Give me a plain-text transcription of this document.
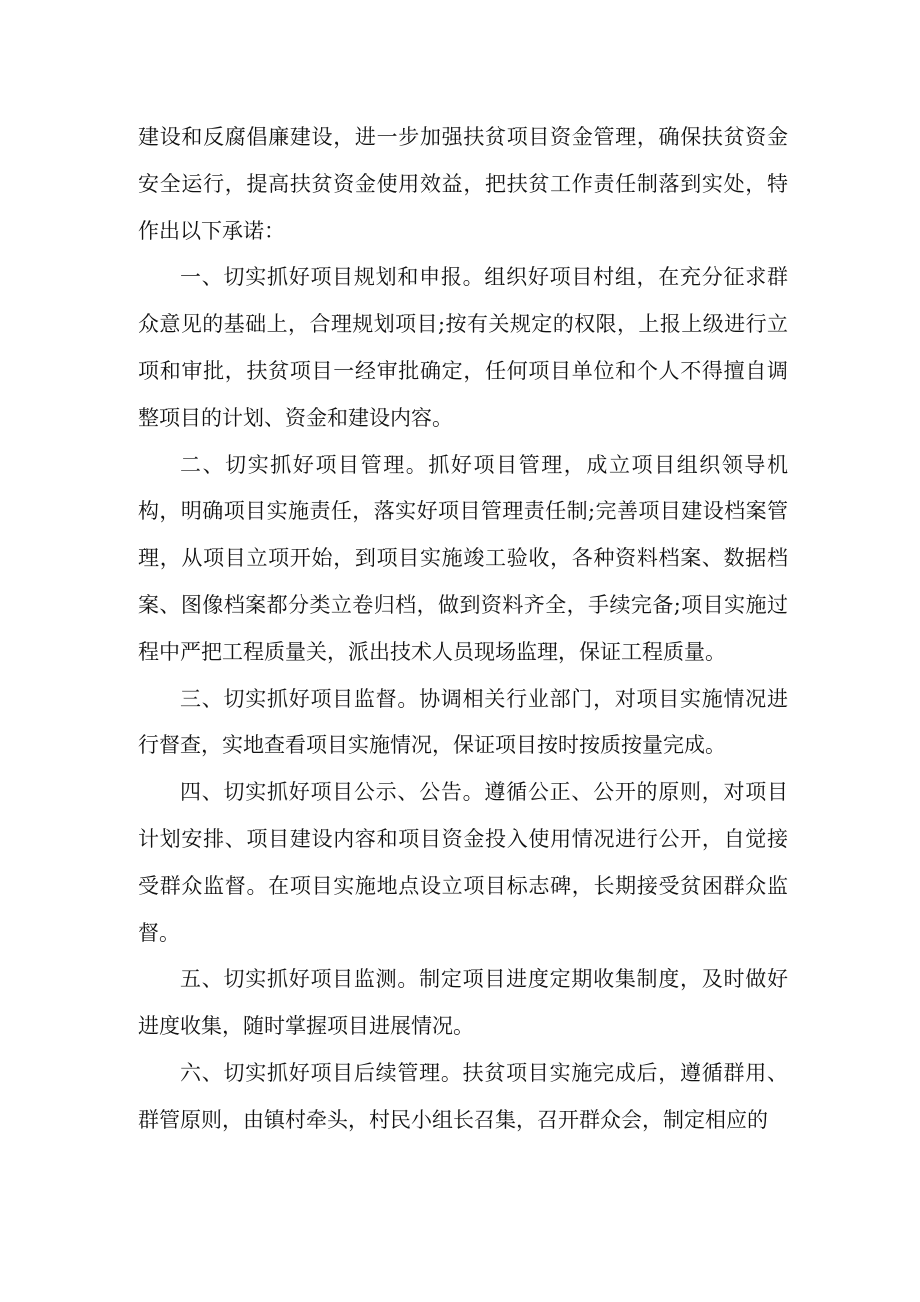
建设和反腐倡廉建设，进一步加强扶贫项目资金管理，确保扶贫资金安全运行，提高扶贫资金使用效益，把扶贫工作责任制落到实处，特作出以下承诺：

一、切实抓好项目规划和申报。组织好项目村组，在充分征求群众意见的基础上，合理规划项目;按有关规定的权限，上报上级进行立项和审批，扶贫项目一经审批确定，任何项目单位和个人不得擅自调整项目的计划、资金和建设内容。

二、切实抓好项目管理。抓好项目管理，成立项目组织领导机构，明确项目实施责任，落实好项目管理责任制;完善项目建设档案管理，从项目立项开始，到项目实施竣工验收，各种资料档案、数据档案、图像档案都分类立卷归档，做到资料齐全，手续完备;项目实施过程中严把工程质量关，派出技术人员现场监理，保证工程质量。

三、切实抓好项目监督。协调相关行业部门，对项目实施情况进行督查，实地查看项目实施情况，保证项目按时按质按量完成。

四、切实抓好项目公示、公告。遵循公正、公开的原则，对项目计划安排、项目建设内容和项目资金投入使用情况进行公开，自觉接受群众监督。在项目实施地点设立项目标志碑，长期接受贫困群众监督。

五、切实抓好项目监测。制定项目进度定期收集制度，及时做好进度收集，随时掌握项目进展情况。

六、切实抓好项目后续管理。扶贫项目实施完成后，遵循群用、群管原则，由镇村牵头，村民小组长召集，召开群众会，制定相应的
